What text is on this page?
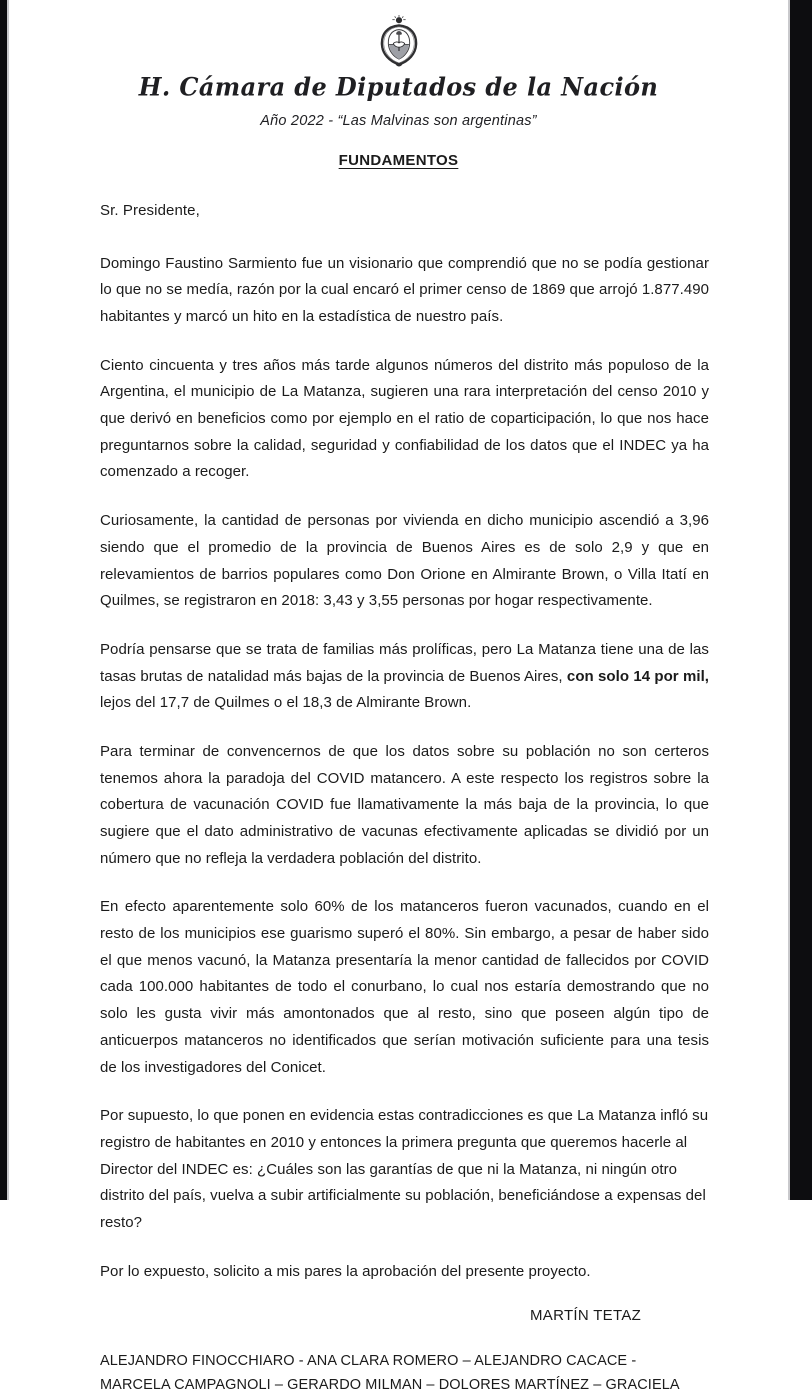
H. Cámara de Diputados de la Nación
Año 2022 - “Las Malvinas son argentinas”
FUNDAMENTOS
Sr. Presidente,

Domingo Faustino Sarmiento fue un visionario que comprendió que no se podía gestionar lo que no se medía, razón por la cual encaró el primer censo de 1869 que arrojó 1.877.490 habitantes y marcó un hito en la estadística de nuestro país.

Ciento cincuenta y tres años más tarde algunos números del distrito más populoso de la Argentina, el municipio de La Matanza, sugieren una rara interpretación del censo 2010 y que derivó en beneficios como por ejemplo en el ratio de coparticipación, lo que nos hace preguntarnos sobre la calidad, seguridad y confiabilidad de los datos que el INDEC ya ha comenzado a recoger.

Curiosamente, la cantidad de personas por vivienda en dicho municipio ascendió a 3,96 siendo que el promedio de la provincia de Buenos Aires es de solo 2,9 y que en relevamientos de barrios populares como Don Orione en Almirante Brown, o Villa Itatí en Quilmes, se registraron en 2018: 3,43 y 3,55 personas por hogar respectivamente.

Podría pensarse que se trata de familias más prolíficas, pero La Matanza tiene una de las tasas brutas de natalidad más bajas de la provincia de Buenos Aires, con solo 14 por mil, lejos del 17,7 de Quilmes o el 18,3 de Almirante Brown.

Para terminar de convencernos de que los datos sobre su población no son certeros tenemos ahora la paradoja del COVID matancero. A este respecto los registros sobre la cobertura de vacunación COVID fue llamativamente la más baja de la provincia, lo que sugiere que el dato administrativo de vacunas efectivamente aplicadas se dividió por un número que no refleja la verdadera población del distrito.

En efecto aparentemente solo 60% de los matanceros fueron vacunados, cuando en el resto de los municipios ese guarismo superó el 80%. Sin embargo, a pesar de haber sido el que menos vacunó, la Matanza presentaría la menor cantidad de fallecidos por COVID cada 100.000 habitantes de todo el conurbano, lo cual nos estaría demostrando que no solo les gusta vivir más amontonados que al resto, sino que poseen algún tipo de anticuerpos matanceros no identificados que serían motivación suficiente para una tesis de los investigadores del Conicet.

Por supuesto, lo que ponen en evidencia estas contradicciones es que La Matanza infló su registro de habitantes en 2010 y entonces la primera pregunta que queremos hacerle al Director del INDEC es: ¿Cuáles son las garantías de que ni la Matanza, ni ningún otro distrito del país, vuelva a subir artificialmente su población, beneficiándose a expensas del resto?

Por lo expuesto, solicito a mis pares la aprobación del presente proyecto.

MARTÍN TETAZ
ALEJANDRO FINOCCHIARO - ANA CLARA ROMERO – ALEJANDRO CACACE -
MARCELA CAMPAGNOLI – GERARDO MILMAN – DOLORES MARTÍNEZ – GRACIELA
